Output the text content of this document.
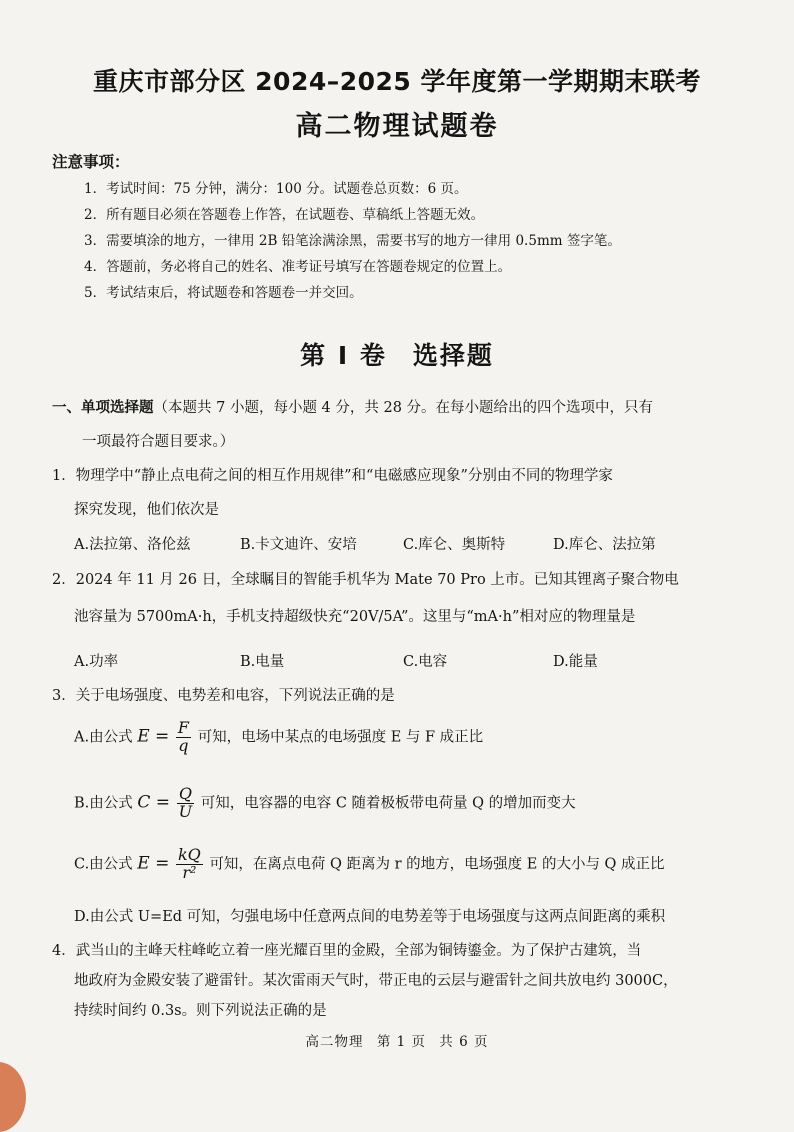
重庆市部分区 2024–2025 学年度第一学期期末联考
高二物理试题卷
注意事项：
1．考试时间：75 分钟，满分：100 分。试题卷总页数：6 页。
2．所有题目必须在答题卷上作答，在试题卷、草稿纸上答题无效。
3．需要填涂的地方，一律用 2B 铅笔涂满涂黑，需要书写的地方一律用 0.5mm 签字笔。
4．答题前，务必将自己的姓名、准考证号填写在答题卷规定的位置上。
5．考试结束后，将试题卷和答题卷一并交回。
第 I 卷 选择题
一、单项选择题（本题共 7 小题，每小题 4 分，共 28 分。在每小题给出的四个选项中，只有
一项最符合题目要求。）
1．物理学中“静止点电荷之间的相互作用规律”和“电磁感应现象”分别由不同的物理学家
探究发现，他们依次是
A.法拉第、洛伦兹	B.卡文迪许、安培	C.库仑、奥斯特	D.库仑、法拉第
2．2024 年 11 月 26 日，全球瞩目的智能手机华为 Mate 70 Pro 上市。已知其锂离子聚合物电
池容量为 5700mA·h，手机支持超级快充“20V/5A”。这里与“mA·h”相对应的物理量是
A.功率	B.电量	C.电容	D.能量
3．关于电场强度、电势差和电容，下列说法正确的是
A.由公式 $E = \frac{F}{q}$ 可知，电场中某点的电场强度 E 与 F 成正比
B.由公式 $C = \frac{Q}{U}$ 可知，电容器的电容 C 随着极板带电荷量 Q 的增加而变大
C.由公式 $E = \frac{kQ}{\text{r²}}$ 可知，在离点电荷 Q 距离为 r 的地方，电场强度 E 的大小与 Q 成正比
D.由公式 U=Ed 可知，匀强电场中任意两点间的电势差等于电场强度与这两点间距离的乘积
4．武当山的主峰天柱峰屹立着一座光耀百里的金殿，全部为铜铸鎏金。为了保护古建筑，当
地政府为金殿安装了避雷针。某次雷雨天气时，带正电的云层与避雷针之间共放电约 3000C，
持续时间约 0.3s。则下列说法正确的是
高二物理 第 1 页 共 6 页
